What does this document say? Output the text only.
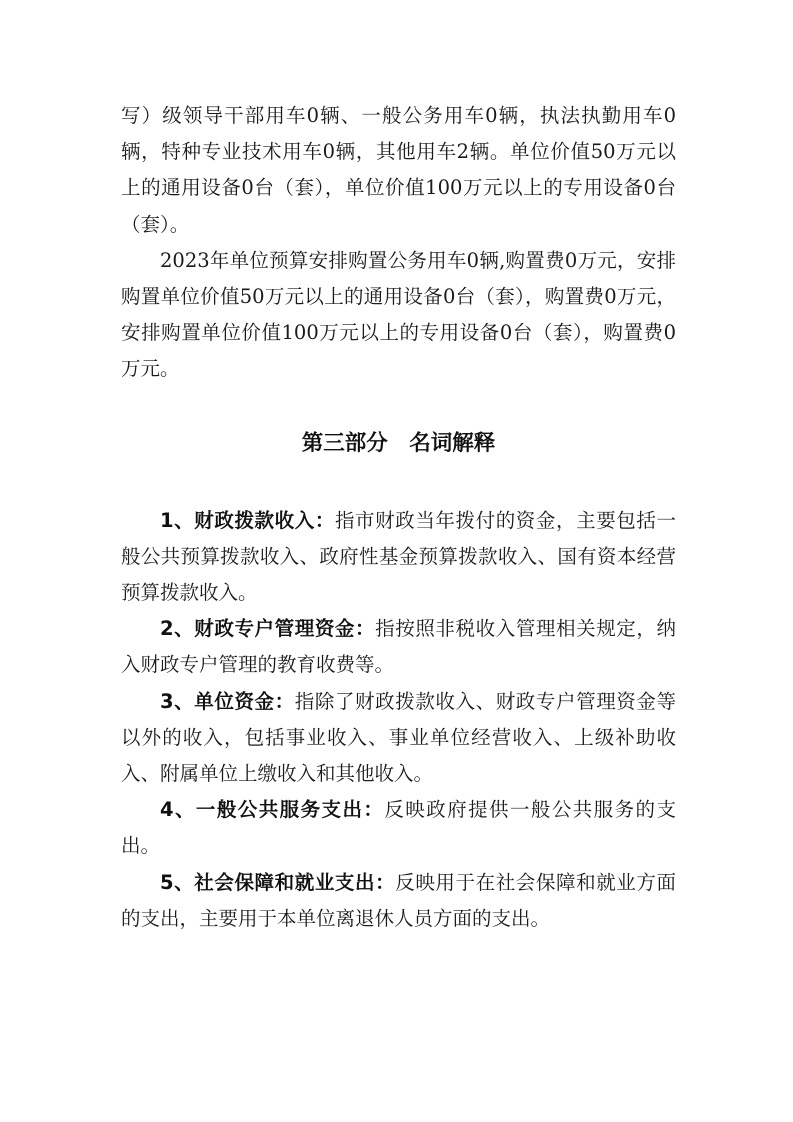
写）级领导干部用车0辆、一般公务用车0辆，执法执勤用车0辆，特种专业技术用车0辆，其他用车2辆。单位价值50万元以上的通用设备0台（套），单位价值100万元以上的专用设备0台（套）。

2023年单位预算安排购置公务用车0辆,购置费0万元，安排购置单位价值50万元以上的通用设备0台（套），购置费0万元，安排购置单位价值100万元以上的专用设备0台（套），购置费0万元。

第三部分　名词解释

1、财政拨款收入：指市财政当年拨付的资金，主要包括一般公共预算拨款收入、政府性基金预算拨款收入、国有资本经营预算拨款收入。

2、财政专户管理资金：指按照非税收入管理相关规定，纳入财政专户管理的教育收费等。

3、单位资金：指除了财政拨款收入、财政专户管理资金等以外的收入，包括事业收入、事业单位经营收入、上级补助收入、附属单位上缴收入和其他收入。

4、一般公共服务支出：反映政府提供一般公共服务的支出。

5、社会保障和就业支出：反映用于在社会保障和就业方面的支出，主要用于本单位离退休人员方面的支出。
